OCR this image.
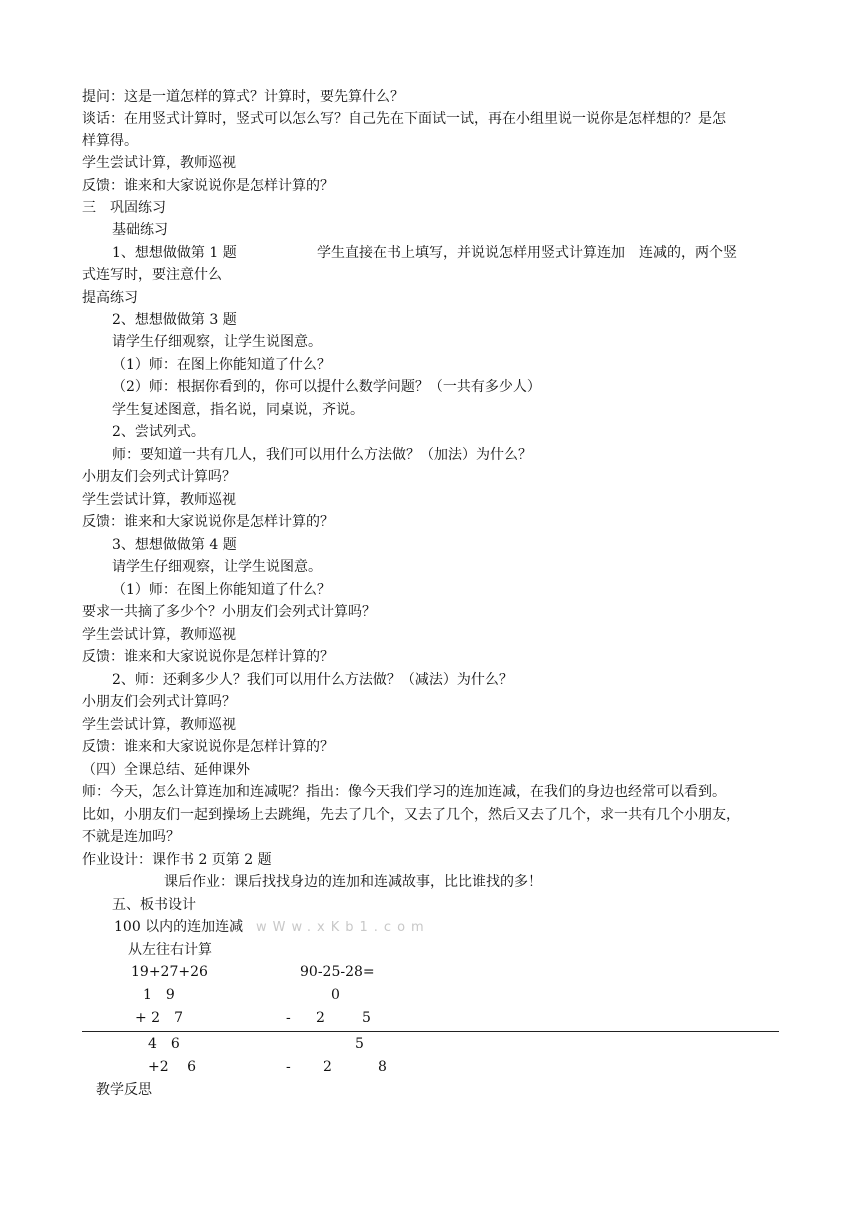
提问：这是一道怎样的算式？计算时，要先算什么？
谈话：在用竖式计算时，竖式可以怎么写？自己先在下面试一试，再在小组里说一说你是怎样想的？是怎
样算得。
学生尝试计算，教师巡视
反馈：谁来和大家说说你是怎样计算的？
三　巩固练习
基础练习
1、想想做做第 1 题	学生直接在书上填写，并说说怎样用竖式计算连加　连减的，两个竖
式连写时，要注意什么
提高练习
2、想想做做第 3 题
请学生仔细观察，让学生说图意。
（1）师：在图上你能知道了什么？
（2）师：根据你看到的，你可以提什么数学问题？（一共有多少人）
学生复述图意，指名说，同桌说，齐说。
2、尝试列式。
师：要知道一共有几人，我们可以用什么方法做？（加法）为什么？
小朋友们会列式计算吗？
学生尝试计算，教师巡视
反馈：谁来和大家说说你是怎样计算的？
3、想想做做第 4 题
请学生仔细观察，让学生说图意。
（1）师：在图上你能知道了什么？
要求一共摘了多少个？小朋友们会列式计算吗？
学生尝试计算，教师巡视
反馈：谁来和大家说说你是怎样计算的？
2、师：还剩多少人？我们可以用什么方法做？（减法）为什么？
小朋友们会列式计算吗？
学生尝试计算，教师巡视
反馈：谁来和大家说说你是怎样计算的？
（四）全课总结、延伸课外
师：今天，怎么计算连加和连减呢？指出：像今天我们学习的连加连减，在我们的身边也经常可以看到。
比如，小朋友们一起到操场上去跳绳，先去了几个，又去了几个，然后又去了几个，求一共有几个小朋友，
不就是连加吗？
作业设计：课作书 2 页第 2 题
课后作业：课后找找身边的连加和连减故事，比比谁找的多！
五、板书设计
100 以内的连加连减 wWw.xKb1.com
从左往右计算
19+27+26	90-25-28=
1　9	0
+ 2　7	- 2	5
4　6	5
+2　 6	- 2	8
教学反思
